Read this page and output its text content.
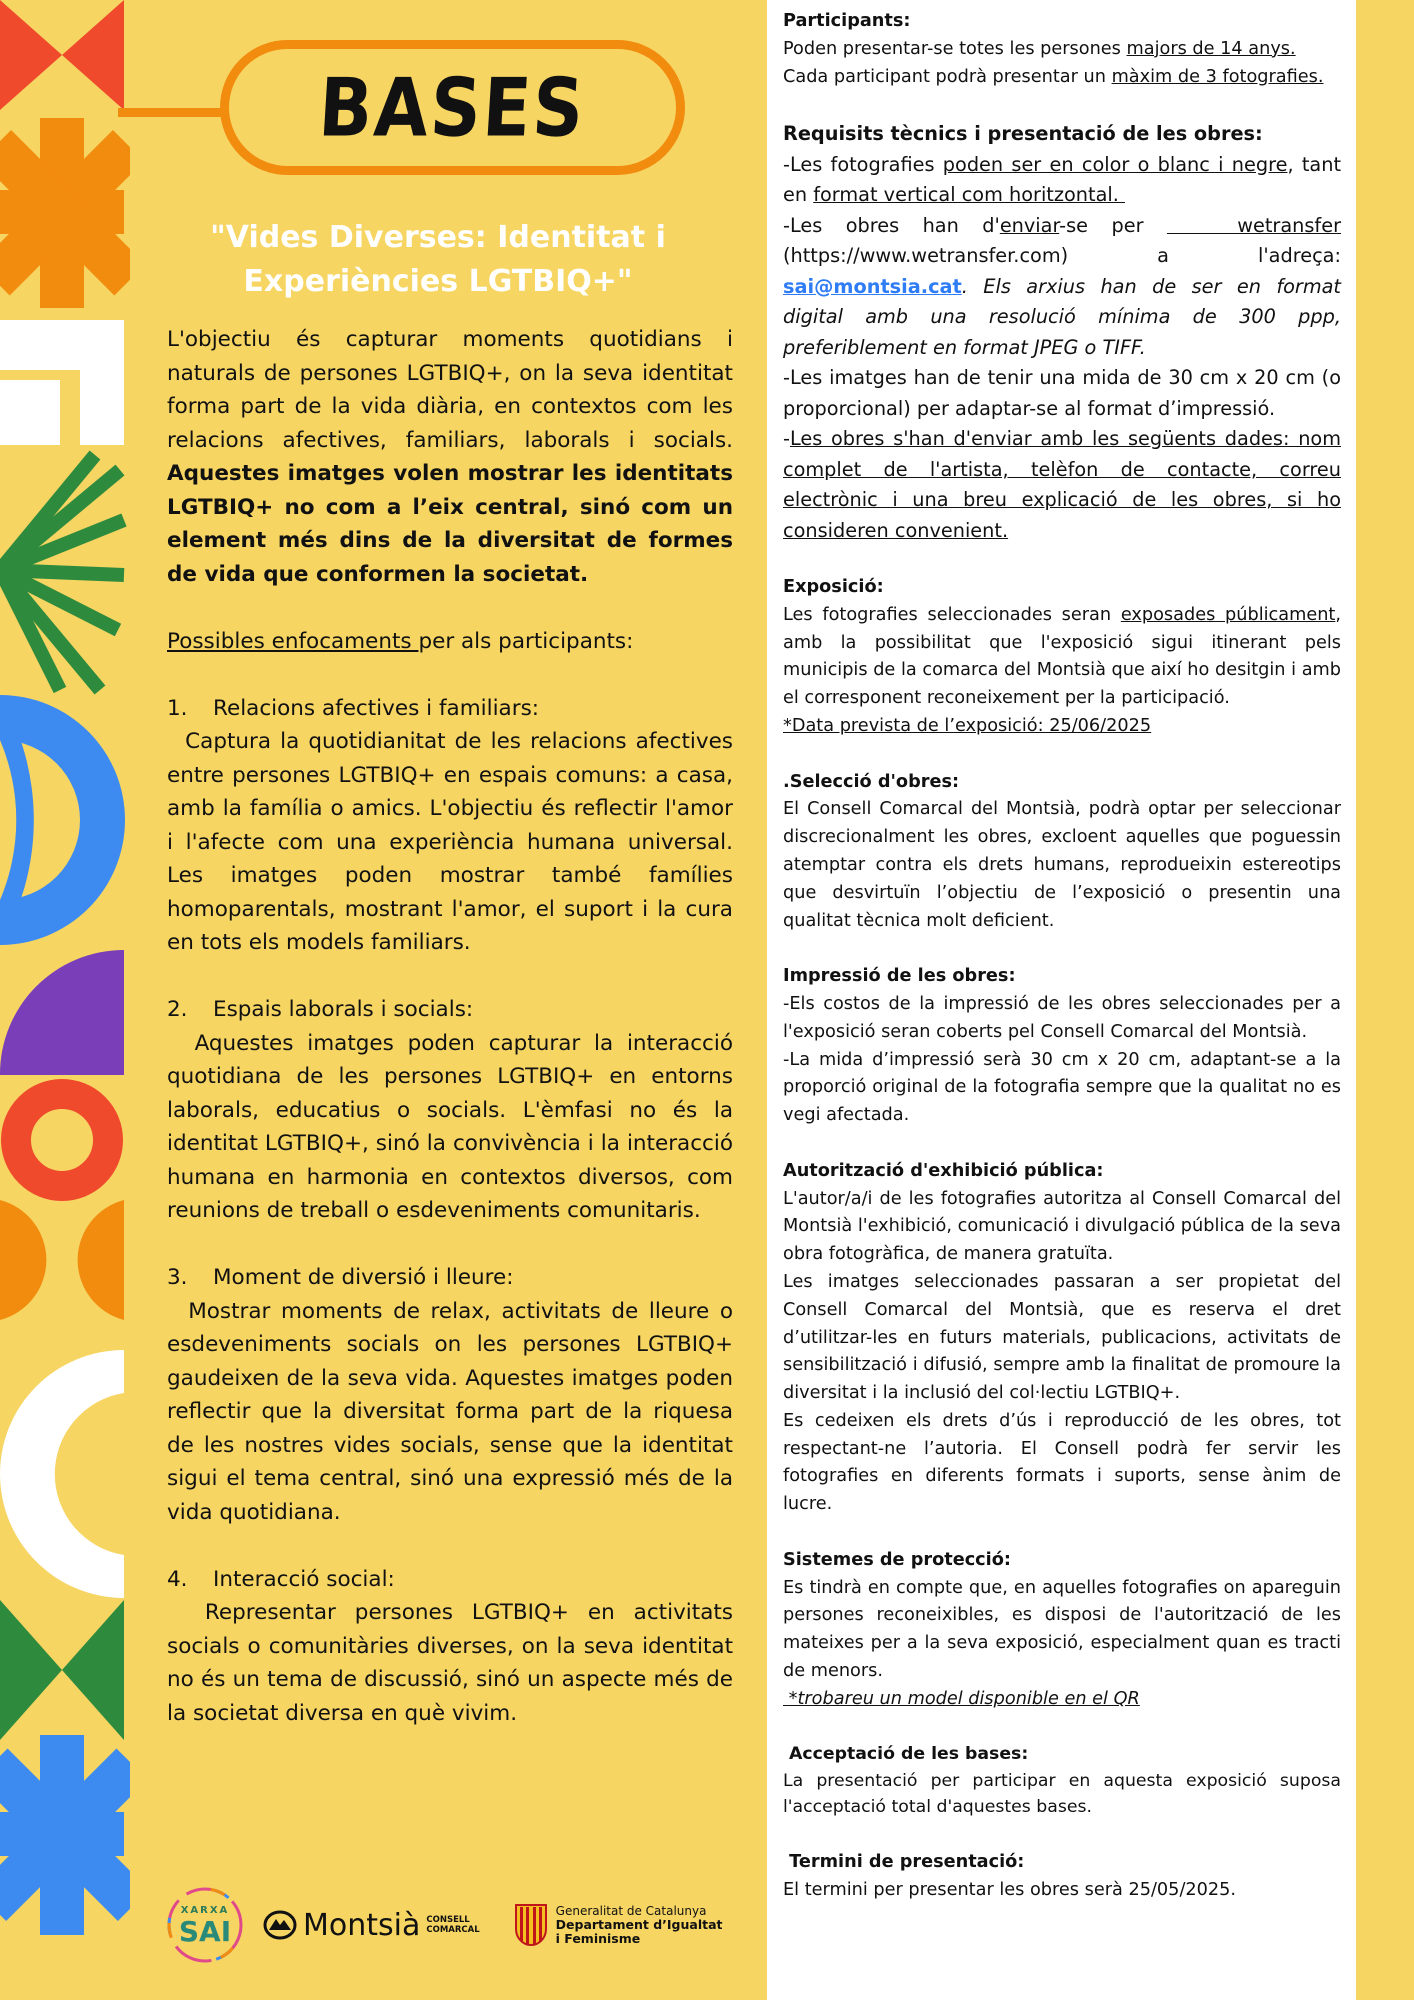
BASES
"Vides Diverses: Identitat i Experiències LGTBIQ+"

L'objectiu és capturar moments quotidians i naturals de persones LGTBIQ+, on la seva identitat forma part de la vida diària, en contextos com les relacions afectives, familiars, laborals i socials. Aquestes imatges volen mostrar les identitats LGTBIQ+ no com a l’eix central, sinó com un element més dins de la diversitat de formes de vida que conformen la societat.

Possibles enfocaments per als participants:

1. Relacions afectives i familiars:

Captura la quotidianitat de les relacions afectives entre persones LGTBIQ+ en espais comuns: a casa, amb la família o amics. L'objectiu és reflectir l'amor i l'afecte com una experiència humana universal. Les imatges poden mostrar també famílies homoparentals, mostrant l'amor, el suport i la cura en tots els models familiars.

2. Espais laborals i socials:

Aquestes imatges poden capturar la interacció quotidiana de les persones LGTBIQ+ en entorns laborals, educatius o socials. L'èmfasi no és la identitat LGTBIQ+, sinó la convivència i la interacció humana en harmonia en contextos diversos, com reunions de treball o esdeveniments comunitaris.

3. Moment de diversió i lleure:

Mostrar moments de relax, activitats de lleure o esdeveniments socials on les persones LGTBIQ+ gaudeixen de la seva vida. Aquestes imatges poden reflectir que la diversitat forma part de la riquesa de les nostres vides socials, sense que la identitat sigui el tema central, sinó una expressió més de la vida quotidiana.

4. Interacció social:

Representar persones LGTBIQ+ en activitats socials o comunitàries diverses, on la seva identitat no és un tema de discussió, sinó un aspecte més de la societat diversa en què vivim.

XARXA
SAI	Montsià CONSELL
COMARCAL
Generalitat de Catalunya
Departament d’Igualtat
i Feminisme

Participants:

Poden presentar-se totes les persones majors de 14 anys.

Cada participant podrà presentar un màxim de 3 fotografies.

Requisits tècnics i presentació de les obres:

-Les fotografies poden ser en color o blanc i negre, tant en format vertical com horitzontal.

-Les obres han d'enviar-se per    wetransfer (https://www.wetransfer.com) a l'adreça: sai@montsia.cat. Els arxius han de ser en format digital amb una resolució mínima de 300 ppp, preferiblement en format JPEG o TIFF.

-Les imatges han de tenir una mida de 30 cm x 20 cm (o proporcional) per adaptar-se al format d’impressió.

-Les obres s'han d'enviar amb les següents dades: nom complet de l'artista, telèfon de contacte, correu electrònic i una breu explicació de les obres, si ho consideren convenient.

Exposició:

Les fotografies seleccionades seran exposades públicament, amb la possibilitat que l'exposició sigui itinerant pels municipis de la comarca del Montsià que així ho desitgin i amb el corresponent reconeixement per la participació.

*Data prevista de l’exposició: 25/06/2025

.Selecció d'obres:

El Consell Comarcal del Montsià, podrà optar per seleccionar discrecionalment les obres, excloent aquelles que poguessin atemptar contra els drets humans, reprodueixin estereotips que desvirtuïn l’objectiu de l’exposició o presentin una qualitat tècnica molt deficient.

Impressió de les obres:

-Els costos de la impressió de les obres seleccionades per a l'exposició seran coberts pel Consell Comarcal del Montsià.

-La mida d’impressió serà 30 cm x 20 cm, adaptant-se a la proporció original de la fotografia sempre que la qualitat no es vegi afectada.

Autorització d'exhibició pública:

L'autor/a/i de les fotografies autoritza al Consell Comarcal del Montsià l'exhibició, comunicació i divulgació pública de la seva obra fotogràfica, de manera gratuïta.

Les imatges seleccionades passaran a ser propietat del Consell Comarcal del Montsià, que es reserva el dret d’utilitzar-les en futurs materials, publicacions, activitats de sensibilització i difusió, sempre amb la finalitat de promoure la diversitat i la inclusió del col·lectiu LGTBIQ+.

Es cedeixen els drets d’ús i reproducció de les obres, tot respectant-ne l’autoria. El Consell podrà fer servir les fotografies en diferents formats i suports, sense ànim de lucre.

Sistemes de protecció:

Es tindrà en compte que, en aquelles fotografies on apareguin persones reconeixibles, es disposi de l'autorització de les mateixes per a la seva exposició, especialment quan es tracti de menors.

*trobareu un model disponible en el QR

Acceptació de les bases:

La presentació per participar en aquesta exposició suposa l'acceptació total d'aquestes bases.

Termini de presentació:

El termini per presentar les obres serà 25/05/2025.
